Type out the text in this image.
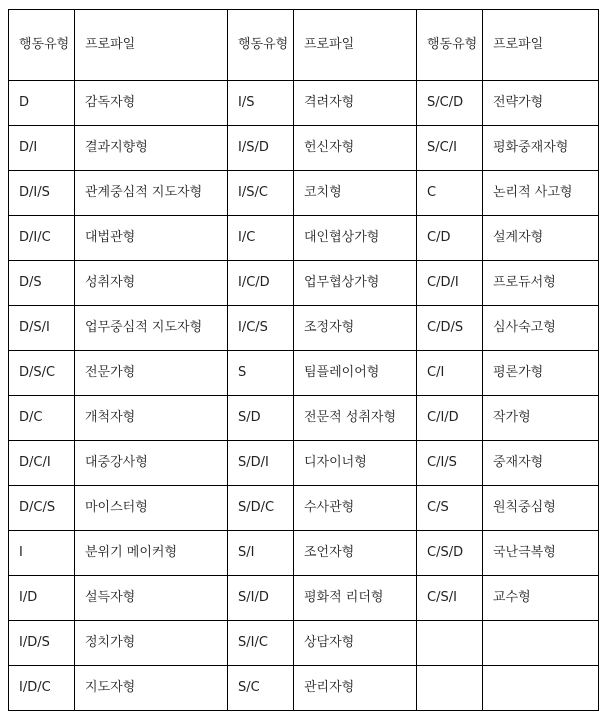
행동유형	프로파일	행동유형	프로파일	행동유형	프로파일
D	감독자형	I/S	격려자형	S/C/D	전략가형
D/I	결과지향형	I/S/D	헌신자형	S/C/I	평화중재자형
D/I/S	관계중심적 지도자형	I/S/C	코치형	C	논리적 사고형
D/I/C	대법관형	I/C	대인협상가형	C/D	설계자형
D/S	성취자형	I/C/D	업무협상가형	C/D/I	프로듀서형
D/S/I	업무중심적 지도자형	I/C/S	조정자형	C/D/S	심사숙고형
D/S/C	전문가형	S	팀플레이어형	C/I	평론가형
D/C	개척자형	S/D	전문적 성취자형	C/I/D	작가형
D/C/I	대중강사형	S/D/I	디자이너형	C/I/S	중재자형
D/C/S	마이스터형	S/D/C	수사관형	C/S	원칙중심형
I	분위기 메이커형	S/I	조언자형	C/S/D	국난극복형
I/D	설득자형	S/I/D	평화적 리더형	C/S/I	교수형
I/D/S	정치가형	S/I/C	상담자형		
I/D/C	지도자형	S/C	관리자형		
